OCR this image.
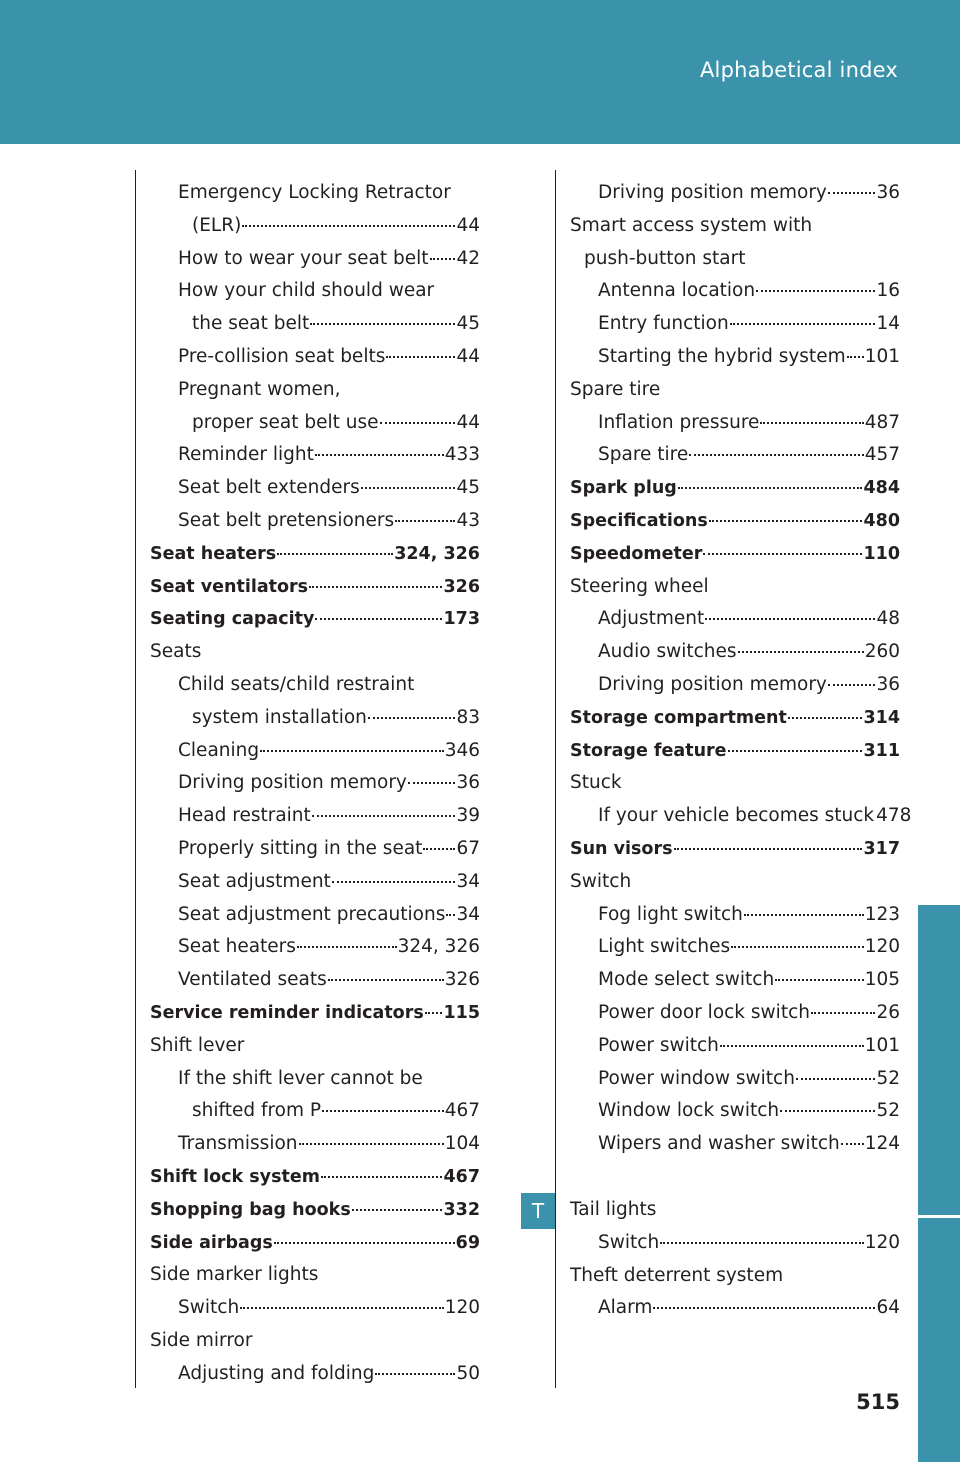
Alphabetical index
T
Emergency Locking Retractor
(ELR)	44
How to wear your seat belt 42
How your child should wear
the seat belt	45
Pre-collision seat belts	44
Pregnant women,
proper seat belt use	44
Reminder light	433
Seat belt extenders	45
Seat belt pretensioners	43
Seat heaters	324, 326
Seat ventilators	326
Seating capacity	173
Seats
Child seats/child restraint
system installation	83
Cleaning	346
Driving position memory	36
Head restraint	39
Properly sitting in the seat 67
Seat adjustment	34
Seat adjustment precautions 34
Seat heaters	324, 326
Ventilated seats	326
Service reminder indicators 115
Shift lever
If the shift lever cannot be
shifted from P	467
Transmission	104
Shift lock system	467
Shopping bag hooks	332
Side airbags	69
Side marker lights
Switch	120
Side mirror
Adjusting and folding	50
Driving position memory	36
Smart access system with
push-button start
Antenna location	16
Entry function	14
Starting the hybrid system 101
Spare tire
Inflation pressure	487
Spare tire	457
Spark plug	484
Specifications	480
Speedometer	110
Steering wheel
Adjustment	48
Audio switches	260
Driving position memory	36
Storage compartment	314
Storage feature	311
Stuck
If your vehicle becomes stuck 478
Sun visors	317
Switch
Fog light switch	123
Light switches	120
Mode select switch	105
Power door lock switch	26
Power switch	101
Power window switch	52
Window lock switch	52
Wipers and washer switch 124
Tail lights
Switch	120
Theft deterrent system
Alarm	64
515
